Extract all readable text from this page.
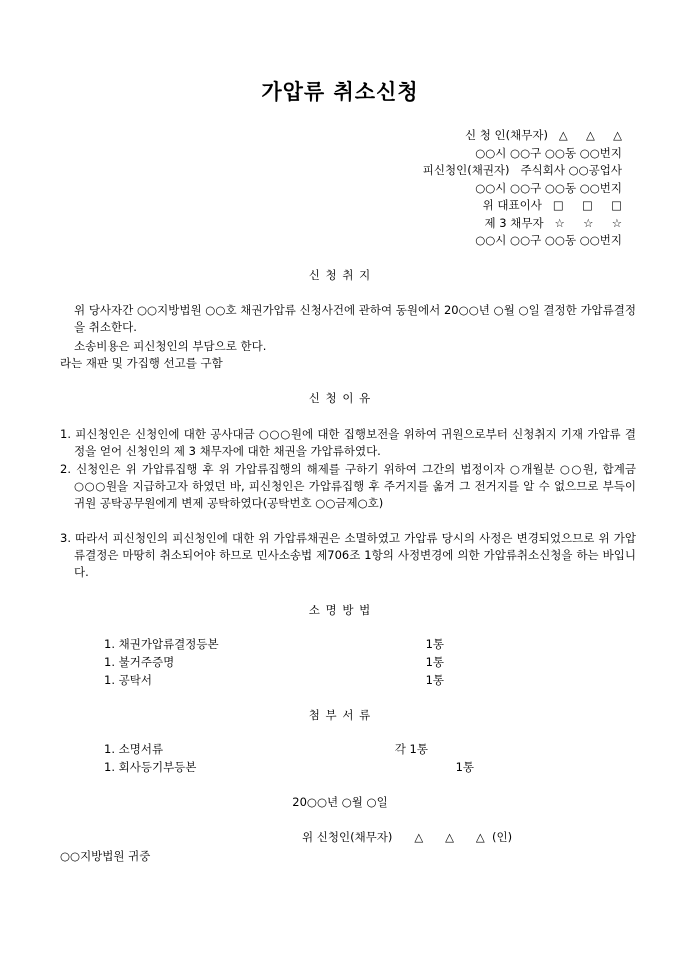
가압류 취소신청
신 청 인(채무자)   △     △     △
○○시 ○○구 ○○동 ○○번지
피신청인(채권자)   주식회사 ○○공업사
○○시 ○○구 ○○동 ○○번지
위 대표이사   □     □     □
제 3 채무자   ☆     ☆     ☆
○○시 ○○구 ○○동 ○○번지
신 청 취 지
위 당사자간 ○○지방법원 ○○호 채권가압류 신청사건에 관하여 동원에서 20○○년 ○월 ○일 결정한 가압류결정을 취소한다.
소송비용은 피신청인의 부담으로 한다.
라는 재판 및 가집행 선고를 구함
신 청 이 유
1. 피신청인은 신청인에 대한 공사대금 ○○○원에 대한 집행보전을 위하여 귀원으로부터 신청취지 기재 가압류 결정을 얻어 신청인의 제 3 채무자에 대한 채권을 가압류하였다.
2. 신청인은 위 가압류집행 후 위 가압류집행의 해제를 구하기 위하여 그간의 법정이자 ○개월분 ○○원, 합계금 ○○○원을 지급하고자 하였던 바, 피신청인은 가압류집행 후 주거지를 옮겨 그 전거지를 알 수 없으므로 부득이 귀원 공탁공무원에게 변제 공탁하였다(공탁번호 ○○금제○호)
3. 따라서 피신청인의 피신청인에 대한 위 가압류채권은 소멸하였고 가압류 당시의 사정은 변경되었으므로 위 가압류결정은 마땅히 취소되어야 하므로 민사소송법 제706조 1항의 사정변경에 의한 가압류취소신청을 하는 바입니다.
소 명 방 법
1. 채권가압류결정등본	1통
1. 불거주증명	1통
1. 공탁서	1통
첨 부 서 류
1. 소명서류	각 1통
1. 회사등기부등본	1통
20○○년 ○월 ○일
위 신청인(채무자)      △      △      △  (인)
○○지방법원 귀중
